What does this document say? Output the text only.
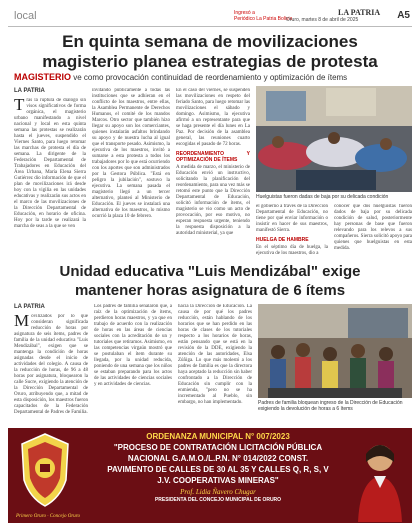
local	Ingresó a
Periódico La Patria Bolivia
LA PATRIA
Oruro, martes 8 de abril de 2025	A5
En quinta semana de movilizaciones
magisterio planea estrategias de protesta
MAGISTERIO ve como provocación continuidad de reordenamiento y optimización de ítems
LA PATRIA
Tras la ruptura de diálogo sin visos significativos de forma orgánica, el magisterio urbano manifestando a nivel nacional y local en esta quinta semana las protestas se realizarán hasta el jueves, suspendido el Viernes Santo, para luego retomar las marchas de protesta el día de semana. La dirigente de la Federación Departamental de Trabajadores en Educación del Área Urbana, María Elena Sierra Gutiérrez dio información de que el plan de movilizaciones irá desde hoy con la vigilia en las unidades educativas y realizarán sus actos en el marco de las movilizaciones de la Dirección Departamental de Educación, en horario de oficina. Hoy por la tarde se realizará la marcha de seas a la que se ven
invitando públicamente a todas las instituciones que se adhieran en el conflicto de los maestros, entre ellas, la Asamblea Permanente de Derechos Humanos, el comité de los mandos Marcos. Otro sector que también hizo llegar su apoyo son los comerciantes, quienes instalarán asfaltos brindando su apoyo y de nuestra lucha al igual que el transporte pesado. Asimismo, la ejecutiva de los maestros, invitó a sumarse a esta protesta a todos los trabajadores por lo que está ocurriendo con los aportes que son administrados por la Gestora Pública. "Está en peligro la jubilación", sostuvo la ejecutiva. La semana pasada el magisterio llegó a un tercer alternativo, planteó al Ministerio de Educación. El jueves se instalará una alternativa de los maestros, lo mismo ocurrió la plaza 10 de febrero.
En el caso del viernes, se suspenden las movilizaciones en respeto del feriado Santo, para luego retomar las movilizaciones el sábado y domingo. Asimismo, la ejecutiva afirmó a un representante para que se haga presente el día lunes en La Paz. Por decisión de la asamblea general, las reuniones cuarto escogidas el pasado de 72 horas.
REORDENAMIENTO Y OPTIMIZACIÓN DE ÍTEMS
A medida de marzo, el ministerio de Educación envió un instructivo, solicitando la planificación del reordenamiento, para una vez más se retomó este punto que la Dirección Departamental de Educación, solicitó información de ítems, el magisterio se vio como un acto de provocación, por eso motivo, no esperan respuesta urgente, teniendo la respuesta disposición a la autoridad ministerial, ya que
Huelguistas fueron dadas de baja por su delicada condición
el gobierno a través de la Dirección Departamental de Educación, no tiene por qué enviar información o insistir en hacer de sus maestros, manifestó Sierra.
HUELGA DE HAMBRE
En el séptimo día de huelga, la ejecutiva de los maestros, dio a
conocer que dos huelguistas fueron dados de baja por su delicada condición de salud, posteriormente hay personas de base que fueron relevando para los relevos a sus compañeros. Sierra solicitó apoyo para quienes que huelguistas en esta medida.
Unidad educativa "Luis Mendizábal" exige
mantener horas asignatura de 6 ítems
LA PATRIA
Movilizados por lo que consideran significada reducción de horas por asignatura de seis ítems, padres de familia de la unidad educativa "Luis Mendizábal", exigen que se mantenga la condición de horas asignadas desde el inicio de actividades del colegio. A causa de la reducción de horas, de 96 a 48 horas por asignatura, bloquearon la calle Sucre, exigiendo la atención de la Dirección Departamental de Oruro, atribuyendo que, a mitad de esta disposición, los maestros fueron capacitados de la Federación Departamental de Padres de Familia.
Los padres de familia señalaron que, a raíz de la optimización de ítems, perdieron horas maestros, y ya que en trabajo de acuerdo con la realización de horas en las áreas de ciencias sociales con la acreditación de un y tutoriales que retiramos. Asimismo, en las competencias virgaún mostró que se postulaban el ítem durante su llegada, por la unidad reducida, poniendo de una semana que los niños se estaban preparando para los actos de las actividades de ciencias sociales y en actividades de ciencias.
hacia la Dirección de Educación. La causa de por qué los padres reducción, están hablando de los horarios que se han perdido en las horas de clases de los tutoriales respecto a los horarios de horas, están pensando que se está en la revisión de la DDE, exigiendo la atención de las autoridades, Elsa Zúñiga. Lo que más molestó a los padres de familia es que la directora haya aceptado la reducción sin haber confrontado a la Dirección de Educación sin cumplir con la enmienda, "pero no se ha incrementado al Pueblo, sin embargo, no han implementado.	Padres de familia bloquean ingreso de la Dirección de Educación exigiendo la devolución de horas a 6 ítems
ORDENANZA MUNICIPAL N° 007/2023
"PROCESO DE CONTRATACIÓN LICITACIÓN PÚBLICA
NACIONAL G.A.M.O./L.P.N. N° 014/2022 CONST.
PAVIMENTO DE CALLES DE 30 AL 35 Y CALLES Q, R, S, V
J.V. COOPERATIVAS MINERAS"
Prof. Lidia Ñavero Chugar
PRESIDENTA DEL CONCEJO MUNICIPAL DE ORURO
Primero Oruro · Concejo Oruro
